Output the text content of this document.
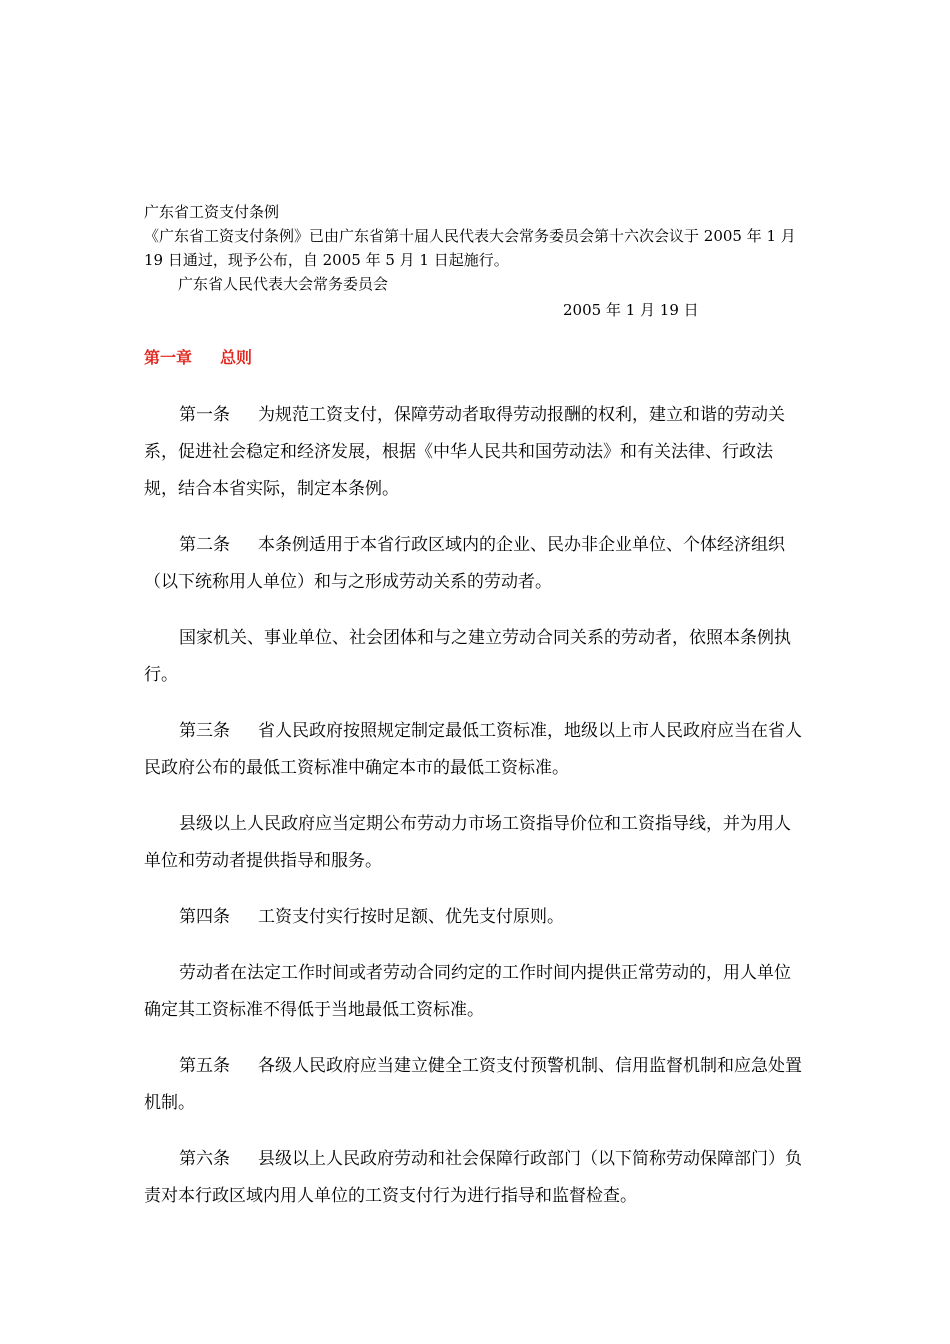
广东省工资支付条例
《广东省工资支付条例》已由广东省第十届人民代表大会常务委员会第十六次会议于 2005 年 1 月 19 日通过，现予公布，自 2005 年 5 月 1 日起施行。
广东省人民代表大会常务委员会
2005 年 1 月 19 日
第一章 总则

第一条 为规范工资支付，保障劳动者取得劳动报酬的权利，建立和谐的劳动关系，促进社会稳定和经济发展，根据《中华人民共和国劳动法》和有关法律、行政法规，结合本省实际，制定本条例。

第二条 本条例适用于本省行政区域内的企业、民办非企业单位、个体经济组织（以下统称用人单位）和与之形成劳动关系的劳动者。

国家机关、事业单位、社会团体和与之建立劳动合同关系的劳动者，依照本条例执行。

第三条 省人民政府按照规定制定最低工资标准，地级以上市人民政府应当在省人民政府公布的最低工资标准中确定本市的最低工资标准。

县级以上人民政府应当定期公布劳动力市场工资指导价位和工资指导线，并为用人单位和劳动者提供指导和服务。

第四条 工资支付实行按时足额、优先支付原则。

劳动者在法定工作时间或者劳动合同约定的工作时间内提供正常劳动的，用人单位确定其工资标准不得低于当地最低工资标准。

第五条 各级人民政府应当建立健全工资支付预警机制、信用监督机制和应急处置机制。

第六条 县级以上人民政府劳动和社会保障行政部门（以下简称劳动保障部门）负责对本行政区域内用人单位的工资支付行为进行指导和监督检查。
